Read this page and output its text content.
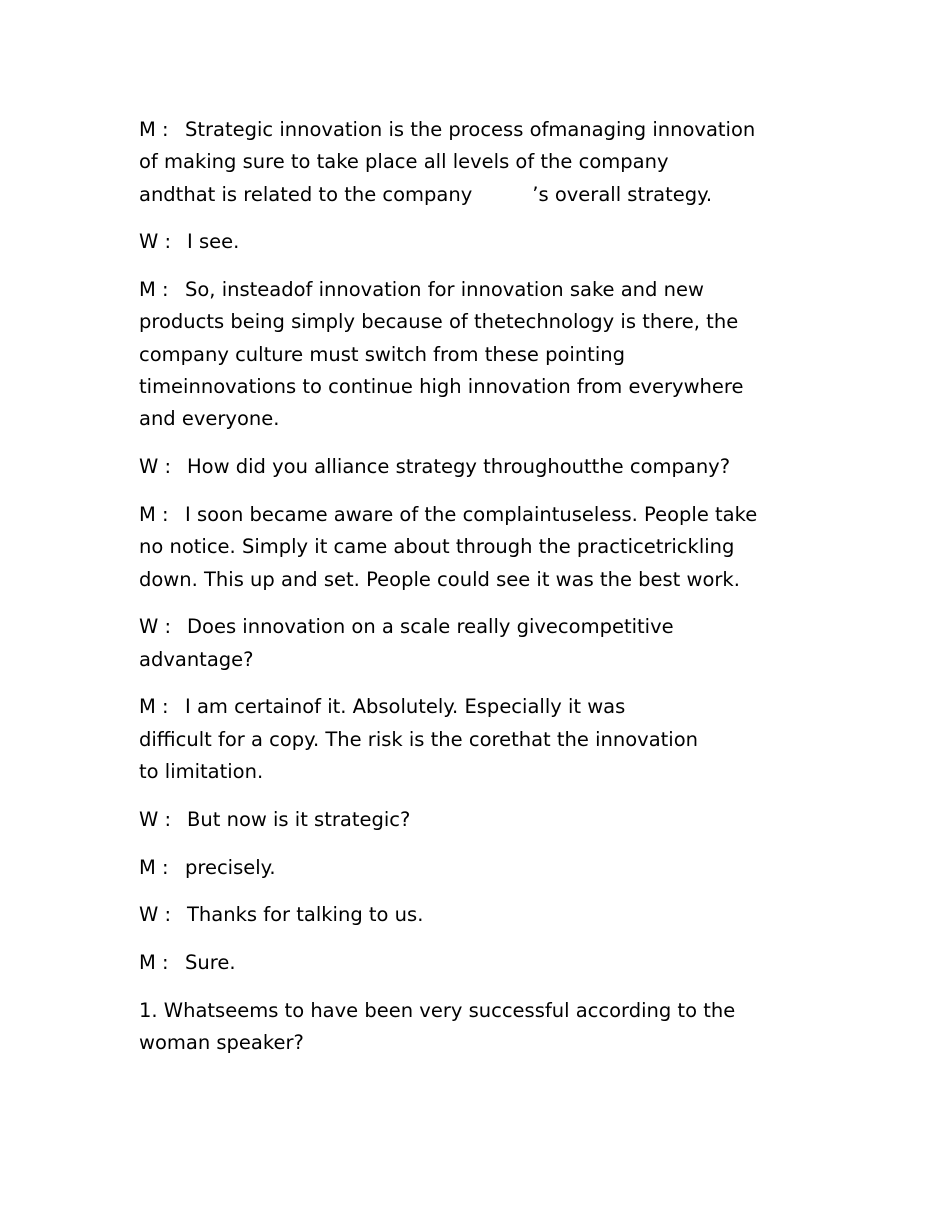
M : Strategic innovation is the process ofmanaging innovation

of making sure to take place all levels of the company

andthat is related to the company	’s overall strategy.

W : I see.

M : So, insteadof innovation for innovation sake and new

products being simply because of thetechnology is there, the

company culture must switch from these pointing

timeinnovations to continue high innovation from everywhere

and everyone.

W : How did you alliance strategy throughoutthe company?

M : I soon became aware of the complaintuseless. People take

no notice. Simply it came about through the practicetrickling

down. This up and set. People could see it was the best work.

W : Does innovation on a scale really givecompetitive

advantage?

M : I am certainof it. Absolutely. Especially it was

difficult for a copy. The risk is the corethat the innovation

to limitation.

W : But now is it strategic?

M : precisely.

W : Thanks for talking to us.

M : Sure.

1. Whatseems to have been very successful according to the

woman speaker?
